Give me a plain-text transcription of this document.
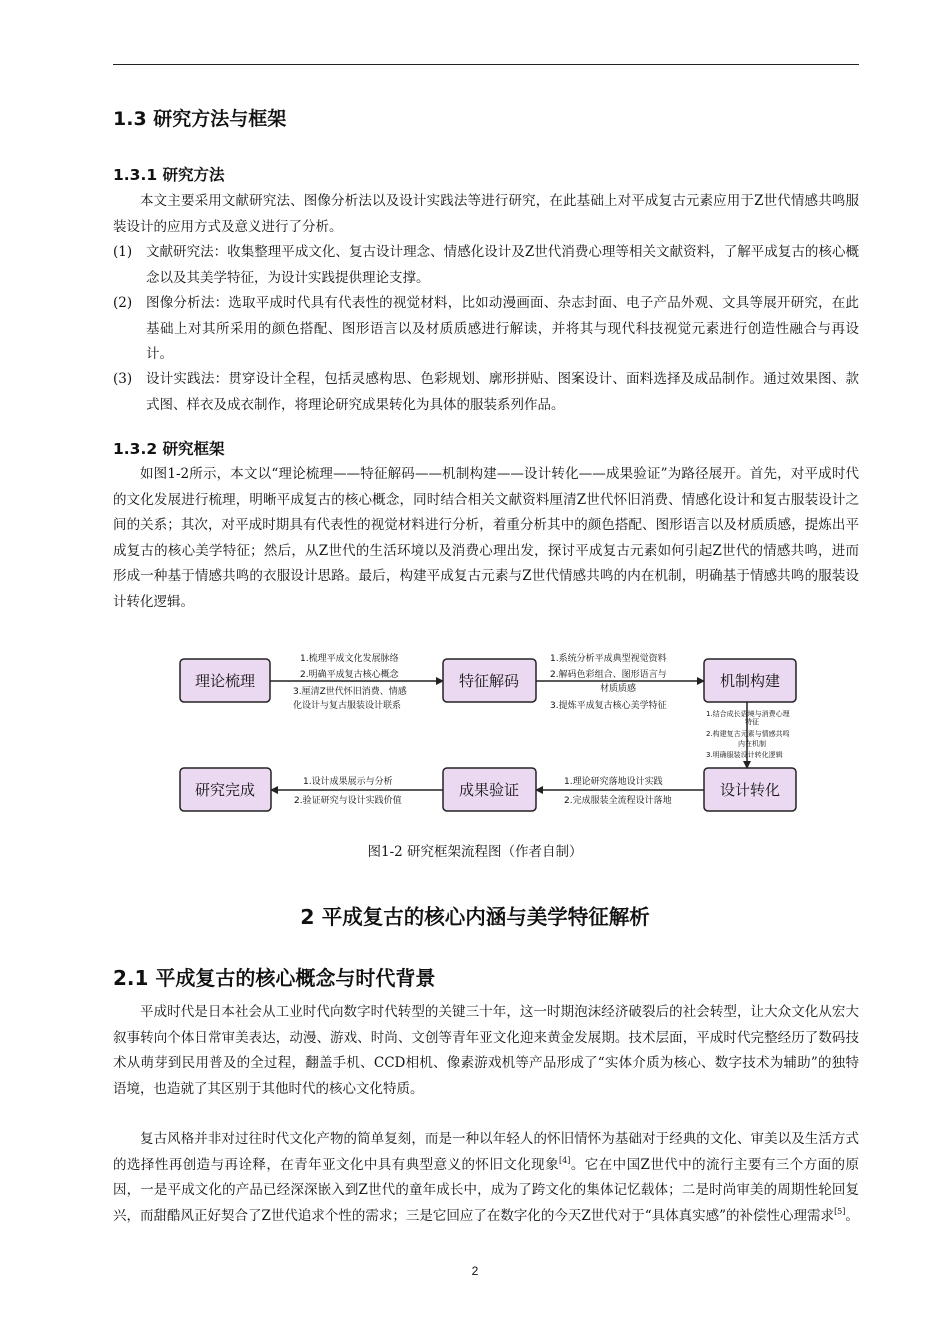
1.3 研究方法与框架
1.3.1 研究方法

本文主要采用文献研究法、图像分析法以及设计实践法等进行研究，在此基础上对平成复古元素应用于Z世代情感共鸣服装设计的应用方式及意义进行了分析。

(1)	文献研究法：收集整理平成文化、复古设计理念、情感化设计及Z世代消费心理等相关文献资料，了解平成复古的核心概念以及其美学特征，为设计实践提供理论支撑。
(2)	图像分析法：选取平成时代具有代表性的视觉材料，比如动漫画面、杂志封面、电子产品外观、文具等展开研究，在此基础上对其所采用的颜色搭配、图形语言以及材质质感进行解读，并将其与现代科技视觉元素进行创造性融合与再设计。
(3)	设计实践法：贯穿设计全程，包括灵感构思、色彩规划、廓形拼贴、图案设计、面料选择及成品制作。通过效果图、款式图、样衣及成衣制作，将理论研究成果转化为具体的服装系列作品。
1.3.2 研究框架

如图1-2所示，本文以“理论梳理——特征解码——机制构建——设计转化——成果验证”为路径展开。首先，对平成时代的文化发展进行梳理，明晰平成复古的核心概念，同时结合相关文献资料厘清Z世代怀旧消费、情感化设计和复古服装设计之间的关系；其次，对平成时期具有代表性的视觉材料进行分析，着重分析其中的颜色搭配、图形语言以及材质质感，提炼出平成复古的核心美学特征；然后，从Z世代的生活环境以及消费心理出发，探讨平成复古元素如何引起Z世代的情感共鸣，进而形成一种基于情感共鸣的衣服设计思路。最后，构建平成复古元素与Z世代情感共鸣的内在机制，明确基于情感共鸣的服装设计转化逻辑。

理论梳理	特征解码	机制构建
设计转化
成果验证
研究完成
1.梳理平成文化发展脉络
2.明确平成复古核心概念
3.厘清Z世代怀旧消费、情感
化设计与复古服装设计联系
1.系统分析平成典型视觉资料
2.解码色彩组合、图形语言与
材质质感
3.提炼平成复古核心美学特征
1.结合成长语境与消费心理
特征
2.构建复古元素与情感共鸣
内在机制
3.明确服装设计转化逻辑
1.理论研究落地设计实践
2.完成服装全流程设计落地
1.设计成果展示与分析
2.验证研究与设计实践价值
图1-2 研究框架流程图（作者自制）
2 平成复古的核心内涵与美学特征解析
2.1 平成复古的核心概念与时代背景

平成时代是日本社会从工业时代向数字时代转型的关键三十年，这一时期泡沫经济破裂后的社会转型，让大众文化从宏大叙事转向个体日常审美表达，动漫、游戏、时尚、文创等青年亚文化迎来黄金发展期。技术层面，平成时代完整经历了数码技术从萌芽到民用普及的全过程，翻盖手机、CCD相机、像素游戏机等产品形成了“实体介质为核心、数字技术为辅助”的独特语境，也造就了其区别于其他时代的核心文化特质。

复古风格并非对过往时代文化产物的简单复刻，而是一种以年轻人的怀旧情怀为基础对于经典的文化、审美以及生活方式的选择性再创造与再诠释，在青年亚文化中具有典型意义的怀旧文化现象[4]。它在中国Z世代中的流行主要有三个方面的原因，一是平成文化的产品已经深深嵌入到Z世代的童年成长中，成为了跨文化的集体记忆载体；二是时尚审美的周期性轮回复兴，而甜酷风正好契合了Z世代追求个性的需求；三是它回应了在数字化的今天Z世代对于“具体真实感”的补偿性心理需求[5]。

2
